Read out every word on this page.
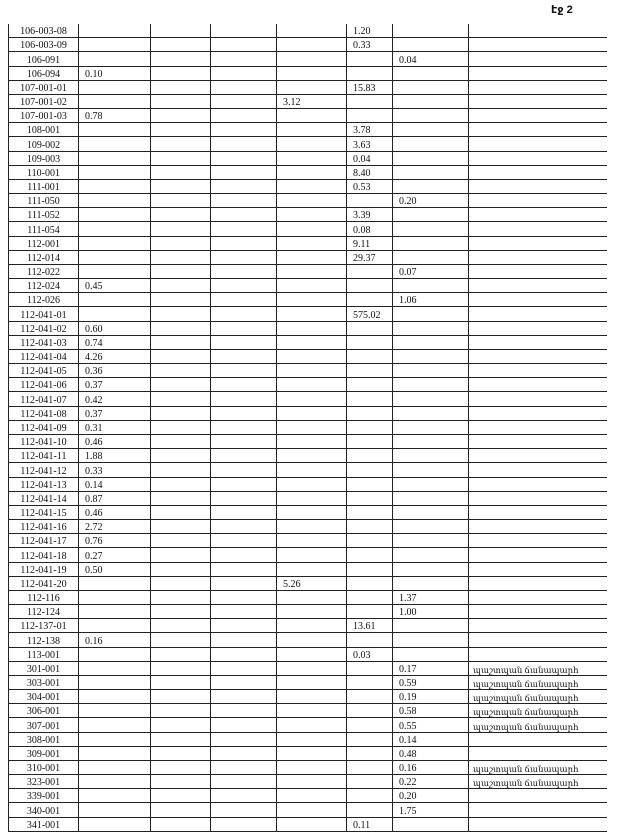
էջ 2
106-003-08					1.20		
106-003-09					0.33		
106-091						0.04	
106-094	0.10						
107-001-01					15.83		
107-001-02				3.12			
107-001-03	0.78						
108-001					3.78		
109-002					3.63		
109-003					0.04		
110-001					8.40		
111-001					0.53		
111-050						0.20	
111-052					3.39		
111-054					0.08		
112-001					9.11		
112-014					29.37		
112-022						0.07	
112-024	0.45						
112-026						1.06	
112-041-01					575.02		
112-041-02	0.60						
112-041-03	0.74						
112-041-04	4.26						
112-041-05	0.36						
112-041-06	0.37						
112-041-07	0.42						
112-041-08	0.37						
112-041-09	0.31						
112-041-10	0.46						
112-041-11	1.88						
112-041-12	0.33						
112-041-13	0.14						
112-041-14	0.87						
112-041-15	0.46						
112-041-16	2.72						
112-041-17	0.76						
112-041-18	0.27						
112-041-19	0.50						
112-041-20				5.26			
112-116						1.37	
112-124						1.00	
112-137-01					13.61		
112-138	0.16						
113-001					0.03		
301-001						0.17	պաշտպան ճանապարհ
303-001						0.59	պաշտպան ճանապարհ
304-001						0.19	պաշտպան ճանապարհ
306-001						0.58	պաշտպան ճանապարհ
307-001						0.55	պաշտպան ճանապարհ
308-001						0.14	
309-001						0.48	
310-001						0.16	պաշտպան ճանապարհ
323-001						0.22	պաշտպան ճանապարհ
339-001						0.20	
340-001						1.75	
341-001					0.11		
